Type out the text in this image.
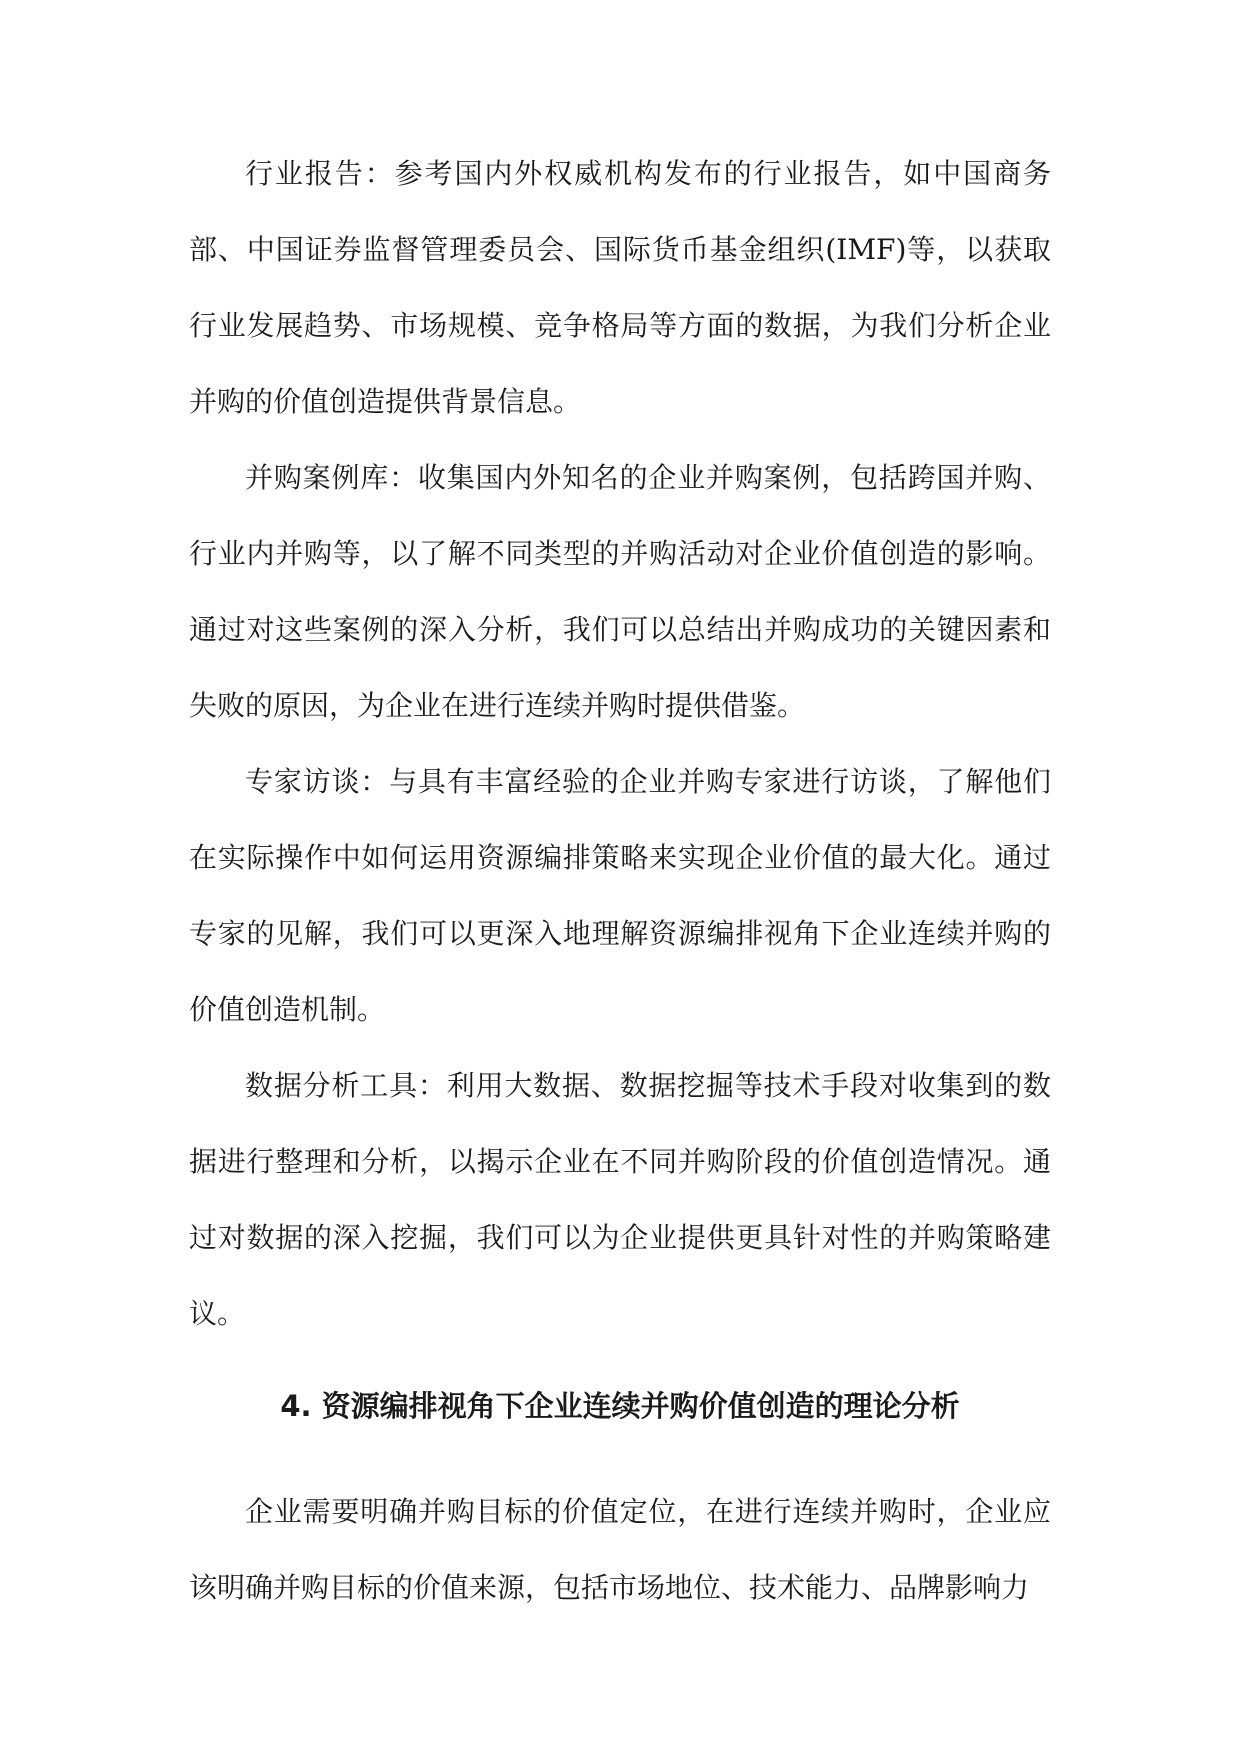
行业报告：参考国内外权威机构发布的行业报告，如中国商务部、中国证券监督管理委员会、国际货币基金组织(IMF)等，以获取行业发展趋势、市场规模、竞争格局等方面的数据，为我们分析企业并购的价值创造提供背景信息。

并购案例库：收集国内外知名的企业并购案例，包括跨国并购、行业内并购等，以了解不同类型的并购活动对企业价值创造的影响。通过对这些案例的深入分析，我们可以总结出并购成功的关键因素和失败的原因，为企业在进行连续并购时提供借鉴。

专家访谈：与具有丰富经验的企业并购专家进行访谈，了解他们在实际操作中如何运用资源编排策略来实现企业价值的最大化。通过专家的见解，我们可以更深入地理解资源编排视角下企业连续并购的价值创造机制。

数据分析工具：利用大数据、数据挖掘等技术手段对收集到的数据进行整理和分析，以揭示企业在不同并购阶段的价值创造情况。通过对数据的深入挖掘，我们可以为企业提供更具针对性的并购策略建议。

4. 资源编排视角下企业连续并购价值创造的理论分析

企业需要明确并购目标的价值定位，在进行连续并购时，企业应该明确并购目标的价值来源，包括市场地位、技术能力、品牌影响力
